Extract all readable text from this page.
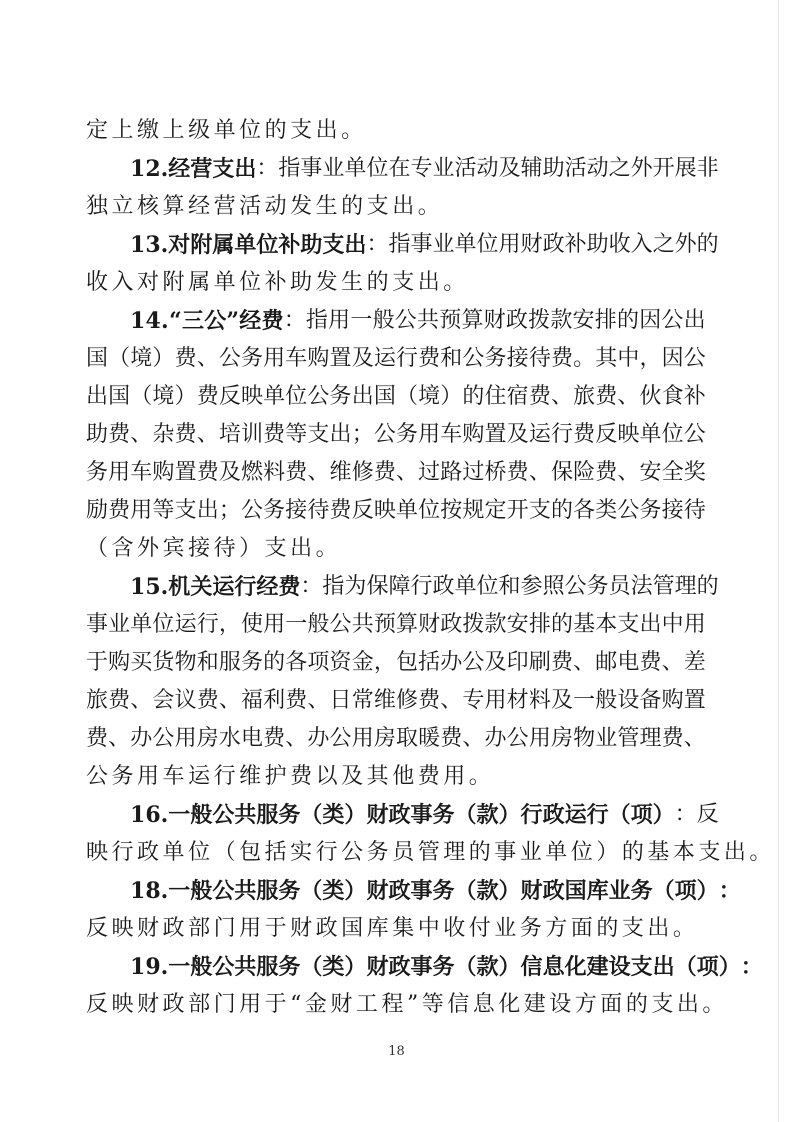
定上缴上级单位的支出。
1 2 . 经 营 支 出 ： 指 事 业 单 位 在 专 业 活 动 及 辅 助 活 动 之 外 开 展 非
独立核算经营活动发生的支出。
1 3 . 对 附 属 单 位 补 助 支 出 ： 指 事 业 单 位 用 财 政 补 助 收 入 之 外 的
收入对附属单位补助发生的支出。
1 4 . “ 三 公 ” 经 费 ： 指 用 一 般 公 共 预 算 财 政 拨 款 安 排 的 因 公 出
国 （ 境 ） 费 、 公 务 用 车 购 置 及 运 行 费 和 公 务 接 待 费 。 其 中 ， 因 公
出 国 （ 境 ） 费 反 映 单 位 公 务 出 国 （ 境 ） 的 住 宿 费 、 旅 费 、 伙 食 补
助 费 、 杂 费 、 培 训 费 等 支 出 ； 公 务 用 车 购 置 及 运 行 费 反 映 单 位 公
务 用 车 购 置 费 及 燃 料 费 、 维 修 费 、 过 路 过 桥 费 、 保 险 费 、 安 全 奖
励 费 用 等 支 出 ； 公 务 接 待 费 反 映 单 位 按 规 定 开 支 的 各 类 公 务 接 待
（含外宾接待）支出。
1 5 . 机 关 运 行 经 费 ： 指 为 保 障 行 政 单 位 和 参 照 公 务 员 法 管 理 的
事 业 单 位 运 行 ， 使 用 一 般 公 共 预 算 财 政 拨 款 安 排 的 基 本 支 出 中 用
于 购 买 货 物 和 服 务 的 各 项 资 金 ， 包 括 办 公 及 印 刷 费 、 邮 电 费 、 差
旅 费 、 会 议 费 、 福 利 费 、 日 常 维 修 费 、 专 用 材 料 及 一 般 设 备 购 置
费 、 办 公 用 房 水 电 费 、 办 公 用 房 取 暖 费 、 办 公 用 房 物 业 管 理 费 、
公务用车运行维护费以及其他费用。
1 6 . 一 般 公 共 服 务 （ 类 ） 财 政 事 务 （ 款 ） 行 政 运 行 （ 项 ） ： 反
映行政单位（包括实行公务员管理的事业单位）的基本支出。
1 8 . 一 般 公 共 服 务 （ 类 ） 财 政 事 务 （ 款 ） 财 政 国 库 业 务 （ 项 ） ：
反映财政部门用于财政国库集中收付业务方面的支出。
1 9 . 一 般 公 共 服 务 （ 类 ） 财 政 事 务 （ 款 ） 信 息 化 建 设 支 出 （ 项 ） ：
反映财政部门用于“金财工程”等信息化建设方面的支出。
18
